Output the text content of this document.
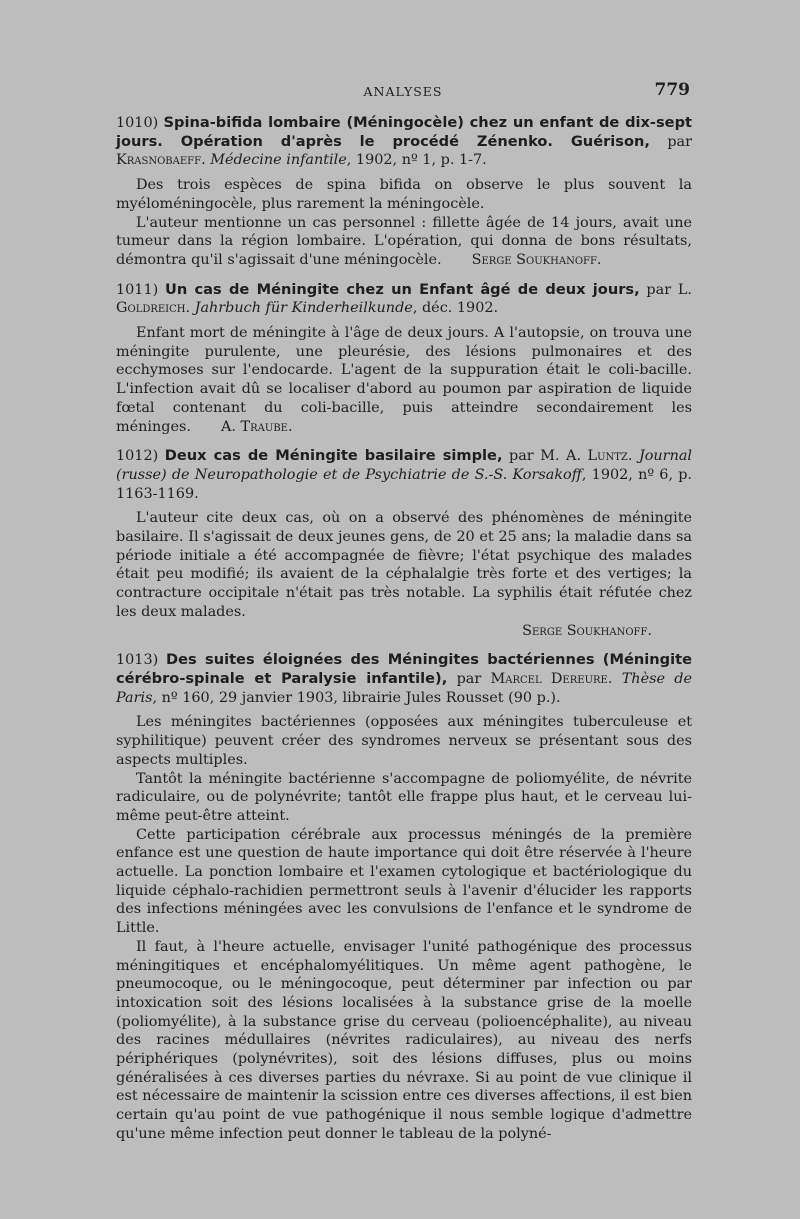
ANALYSES	779

1010) Spina-bifida lombaire (Méningocèle) chez un enfant de dix-sept jours. Opération d'après le procédé Zénenko. Guérison, par Krasnobaeff. Médecine infantile, 1902, nº 1, p. 1-7.

Des trois espèces de spina bifida on observe le plus souvent la myéloméningocèle, plus rarement la méningocèle.

L'auteur mentionne un cas personnel : fillette âgée de 14 jours, avait une tumeur dans la région lombaire. L'opération, qui donna de bons résultats, démontra qu'il s'agissait d'une méningocèle. Serge Soukhanoff.

1011) Un cas de Méningite chez un Enfant âgé de deux jours, par L. Goldreich. Jahrbuch für Kinderheilkunde, déc. 1902.

Enfant mort de méningite à l'âge de deux jours. A l'autopsie, on trouva une méningite purulente, une pleurésie, des lésions pulmonaires et des ecchymoses sur l'endocarde. L'agent de la suppuration était le coli-bacille. L'infection avait dû se localiser d'abord au poumon par aspiration de liquide fœtal contenant du coli-bacille, puis atteindre secondairement les méninges. A. Traube.

1012) Deux cas de Méningite basilaire simple, par M. A. Luntz. Journal (russe) de Neuropathologie et de Psychiatrie de S.-S. Korsakoff, 1902, nº 6, p. 1163-1169.

L'auteur cite deux cas, où on a observé des phénomènes de méningite basilaire. Il s'agissait de deux jeunes gens, de 20 et 25 ans; la maladie dans sa période initiale a été accompagnée de fièvre; l'état psychique des malades était peu modifié; ils avaient de la céphalalgie très forte et des vertiges; la contracture occipitale n'était pas très notable. La syphilis était réfutée chez les deux malades.

Serge Soukhanoff.

1013) Des suites éloignées des Méningites bactériennes (Méningite cérébro-spinale et Paralysie infantile), par Marcel Dereure. Thèse de Paris, nº 160, 29 janvier 1903, librairie Jules Rousset (90 p.).

Les méningites bactériennes (opposées aux méningites tuberculeuse et syphilitique) peuvent créer des syndromes nerveux se présentant sous des aspects multiples.

Tantôt la méningite bactérienne s'accompagne de poliomyélite, de névrite radiculaire, ou de polynévrite; tantôt elle frappe plus haut, et le cerveau lui-même peut-être atteint.

Cette participation cérébrale aux processus méningés de la première enfance est une question de haute importance qui doit être réservée à l'heure actuelle. La ponction lombaire et l'examen cytologique et bactériologique du liquide céphalo-rachidien permettront seuls à l'avenir d'élucider les rapports des infections méningées avec les convulsions de l'enfance et le syndrome de Little.

Il faut, à l'heure actuelle, envisager l'unité pathogénique des processus méningitiques et encéphalomyélitiques. Un même agent pathogène, le pneumocoque, ou le méningocoque, peut déterminer par infection ou par intoxication soit des lésions localisées à la substance grise de la moelle (poliomyélite), à la substance grise du cerveau (polioencéphalite), au niveau des racines médullaires (névrites radiculaires), au niveau des nerfs périphériques (polynévrites), soit des lésions diffuses, plus ou moins généralisées à ces diverses parties du névraxe. Si au point de vue clinique il est nécessaire de maintenir la scission entre ces diverses affections, il est bien certain qu'au point de vue pathogénique il nous semble logique d'admettre qu'une même infection peut donner le tableau de la polyné-
